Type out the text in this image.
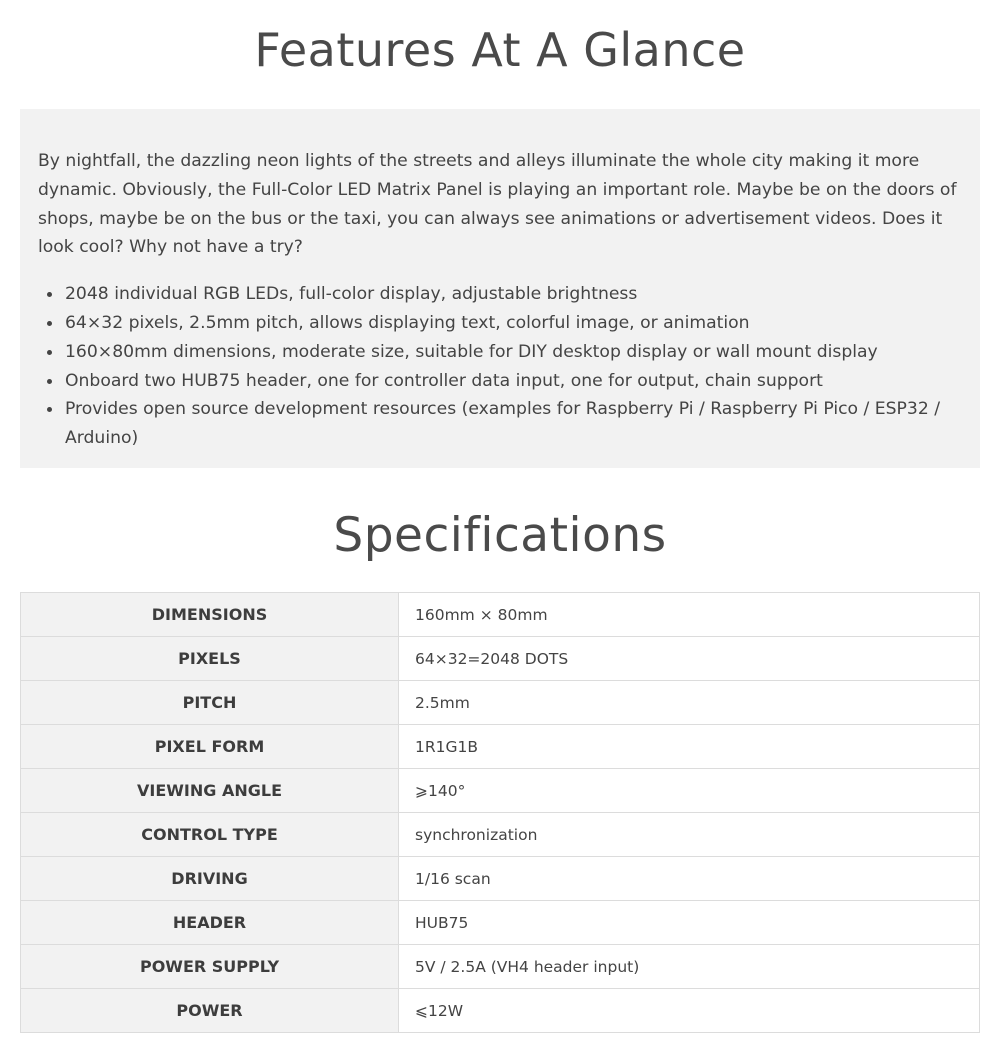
Features At A Glance

By nightfall, the dazzling neon lights of the streets and alleys illuminate the whole city making it more dynamic. Obviously, the Full-Color LED Matrix Panel is playing an important role. Maybe be on the doors of shops, maybe be on the bus or the taxi, you can always see animations or advertisement videos. Does it look cool? Why not have a try?

2048 individual RGB LEDs, full-color display, adjustable brightness
64×32 pixels, 2.5mm pitch, allows displaying text, colorful image, or animation
160×80mm dimensions, moderate size, suitable for DIY desktop display or wall mount display
Onboard two HUB75 header, one for controller data input, one for output, chain support
Provides open source development resources (examples for Raspberry Pi / Raspberry Pi Pico / ESP32 / Arduino)
Specifications
DIMENSIONS	160mm × 80mm
PIXELS	64×32=2048 DOTS
PITCH	2.5mm
PIXEL FORM	1R1G1B
VIEWING ANGLE	⩾140°
CONTROL TYPE	synchronization
DRIVING	1/16 scan
HEADER	HUB75
POWER SUPPLY	5V / 2.5A (VH4 header input)
POWER	⩽12W
